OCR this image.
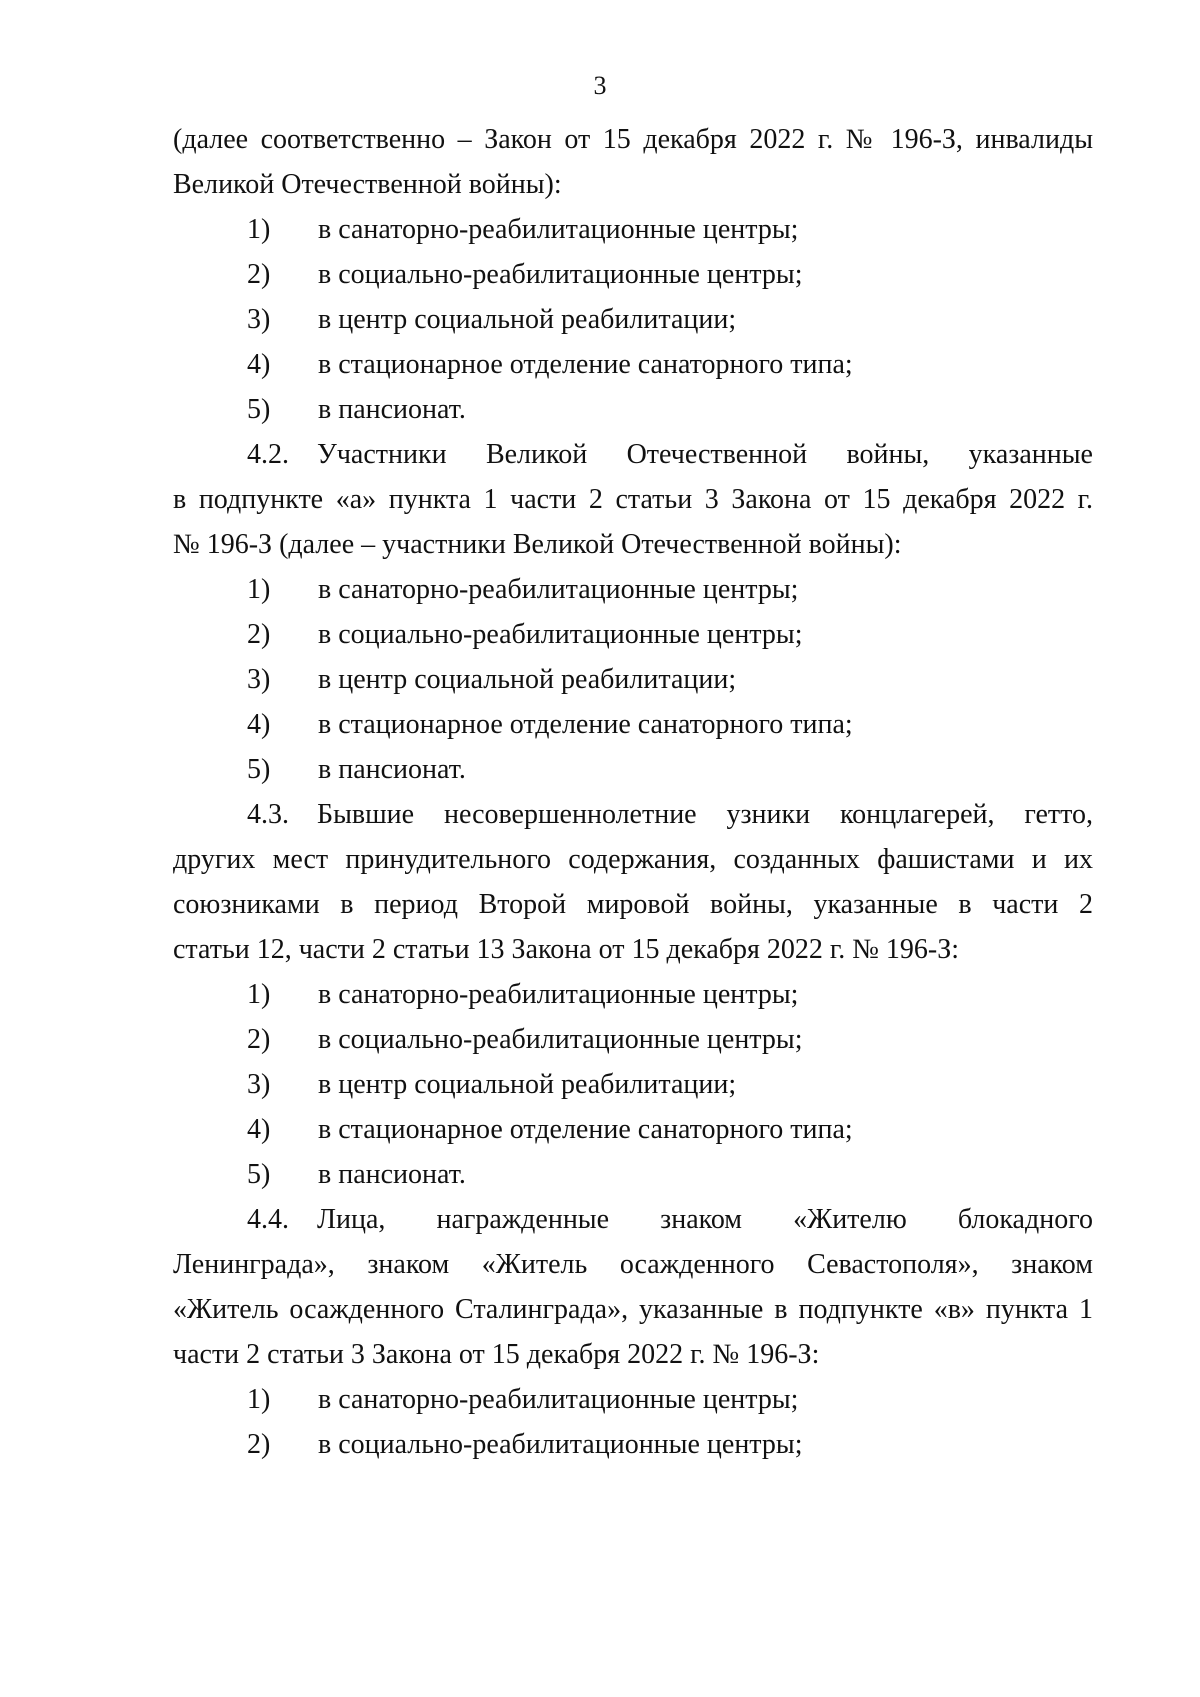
3
(далее соответственно – Закон от 15 декабря 2022 г. № 196-З, инвалиды
Великой Отечественной войны):
1) в санаторно-реабилитационные центры;
2) в социально-реабилитационные центры;
3) в центр социальной реабилитации;
4) в стационарное отделение санаторного типа;
5) в пансионат.
4.2. Участники Великой Отечественной войны, указанные
в подпункте «а» пункта 1 части 2 статьи 3 Закона от 15 декабря 2022 г.
№ 196-З (далее – участники Великой Отечественной войны):
1) в санаторно-реабилитационные центры;
2) в социально-реабилитационные центры;
3) в центр социальной реабилитации;
4) в стационарное отделение санаторного типа;
5) в пансионат.
4.3. Бывшие несовершеннолетние узники концлагерей, гетто,
других мест принудительного содержания, созданных фашистами и их
союзниками в период Второй мировой войны, указанные в части 2
статьи 12, части 2 статьи 13 Закона от 15 декабря 2022 г. № 196-З:
1) в санаторно-реабилитационные центры;
2) в социально-реабилитационные центры;
3) в центр социальной реабилитации;
4) в стационарное отделение санаторного типа;
5) в пансионат.
4.4. Лица, награжденные знаком «Жителю блокадного
Ленинграда», знаком «Житель осажденного Севастополя», знаком
«Житель осажденного Сталинграда», указанные в подпункте «в» пункта 1
части 2 статьи 3 Закона от 15 декабря 2022 г. № 196-З:
1) в санаторно-реабилитационные центры;
2) в социально-реабилитационные центры;
